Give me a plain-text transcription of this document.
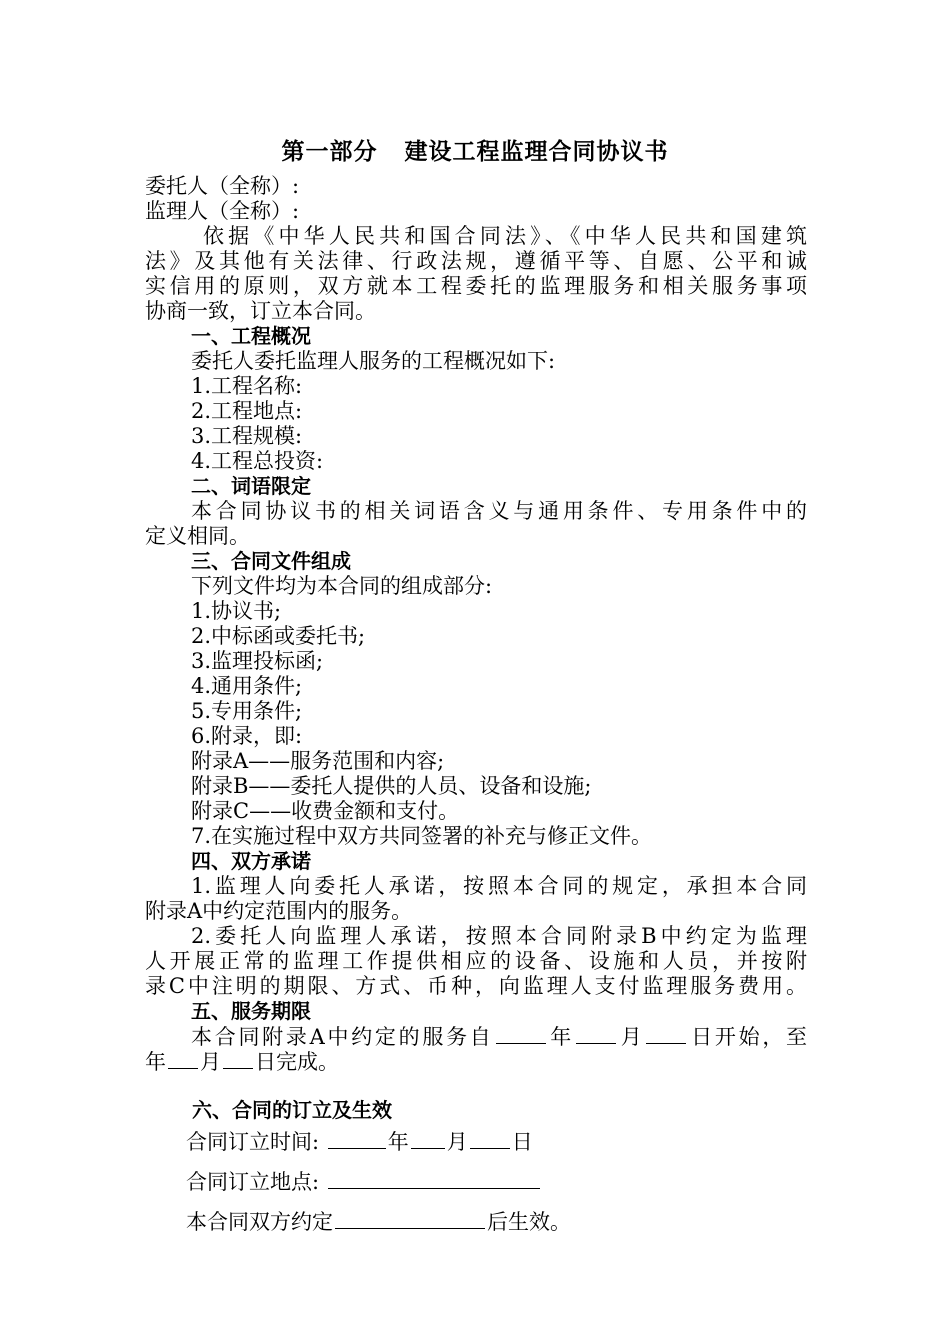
第一部分   建设工程监理合同协议书
委托人（全称）:
监理人（全称）:
依据《中华人民共和国合同法》、《中华人民共和国建筑
法》及其他有关法律、行政法规，遵循平等、自愿、公平和诚
实信用的原则，双方就本工程委托的监理服务和相关服务事项
协商一致，订立本合同。
一、工程概况
委托人委托监理人服务的工程概况如下:
1.工程名称:
2.工程地点:
3.工程规模:
4.工程总投资:
二、词语限定
本合同协议书的相关词语含义与通用条件、专用条件中的
定义相同。
三、合同文件组成
下列文件均为本合同的组成部分:
1.协议书;
2.中标函或委托书;
3.监理投标函;
4.通用条件;
5.专用条件;
6.附录，即:
附录A——服务范围和内容;
附录B——委托人提供的人员、设备和设施;
附录C——收费金额和支付。
7.在实施过程中双方共同签署的补充与修正文件。
四、双方承诺
1.监理人向委托人承诺，按照本合同的规定，承担本合同
附录A中约定范围内的服务。
2.委托人向监理人承诺，按照本合同附录B中约定为监理
人开展正常的监理工作提供相应的设备、设施和人员，并按附
录C中注明的期限、方式、币种，向监理人支付监理服务费用。
五、服务期限
本合同附录A中约定的服务自	年 月 日开始，至
年 月 日完成。
六、合同的订立及生效
合同订立时间:	年 月 日
合同订立地点:
本合同双方约定	后生效。
